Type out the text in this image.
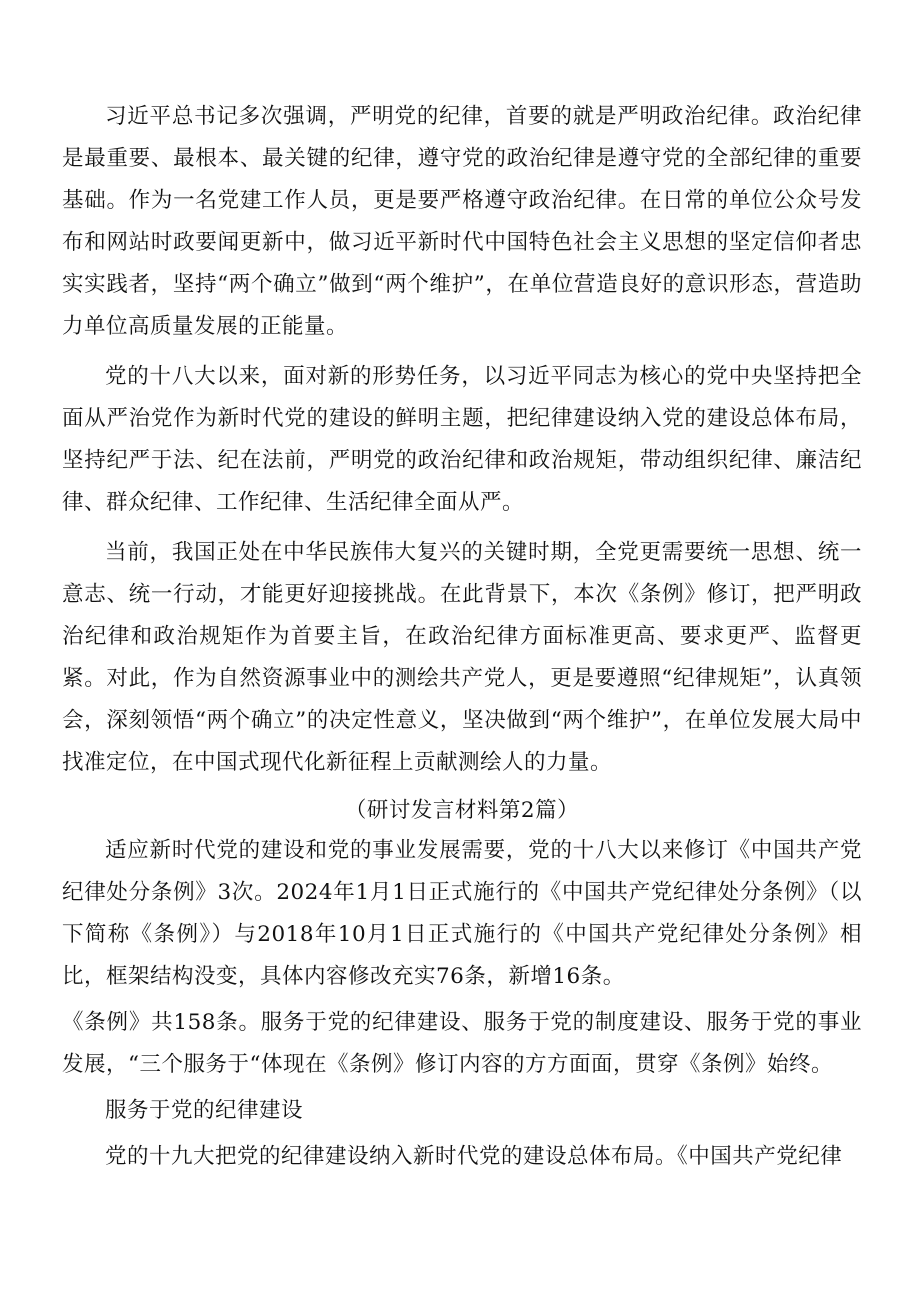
习近平总书记多次强调，严明党的纪律，首要的就是严明政治纪律。政治纪律是最重要、最根本、最关键的纪律，遵守党的政治纪律是遵守党的全部纪律的重要基础。作为一名党建工作人员，更是要严格遵守政治纪律。在日常的单位公众号发布和网站时政要闻更新中，做习近平新时代中国特色社会主义思想的坚定信仰者忠实实践者，坚持“两个确立”做到“两个维护”，在单位营造良好的意识形态，营造助力单位高质量发展的正能量。

党的十八大以来，面对新的形势任务，以习近平同志为核心的党中央坚持把全面从严治党作为新时代党的建设的鲜明主题，把纪律建设纳入党的建设总体布局，坚持纪严于法、纪在法前，严明党的政治纪律和政治规矩，带动组织纪律、廉洁纪律、群众纪律、工作纪律、生活纪律全面从严。

当前，我国正处在中华民族伟大复兴的关键时期，全党更需要统一思想、统一意志、统一行动，才能更好迎接挑战。在此背景下，本次《条例》修订，把严明政治纪律和政治规矩作为首要主旨，在政治纪律方面标准更高、要求更严、监督更紧。对此，作为自然资源事业中的测绘共产党人，更是要遵照“纪律规矩”，认真领会，深刻领悟“两个确立”的决定性意义，坚决做到“两个维护”，在单位发展大局中找准定位，在中国式现代化新征程上贡献测绘人的力量。

（研讨发言材料第2篇）

适应新时代党的建设和党的事业发展需要，党的十八大以来修订《中国共产党纪律处分条例》3次。2024年1月1日正式施行的《中国共产党纪律处分条例》（以下简称《条例》）与2018年10月1日正式施行的《中国共产党纪律处分条例》相比，框架结构没变，具体内容修改充实76条，新增16条。

《条例》共158条。服务于党的纪律建设、服务于党的制度建设、服务于党的事业发展，“三个服务于“体现在《条例》修订内容的方方面面，贯穿《条例》始终。

服务于党的纪律建设

党的十九大把党的纪律建设纳入新时代党的建设总体布局。《中国共产党纪律
